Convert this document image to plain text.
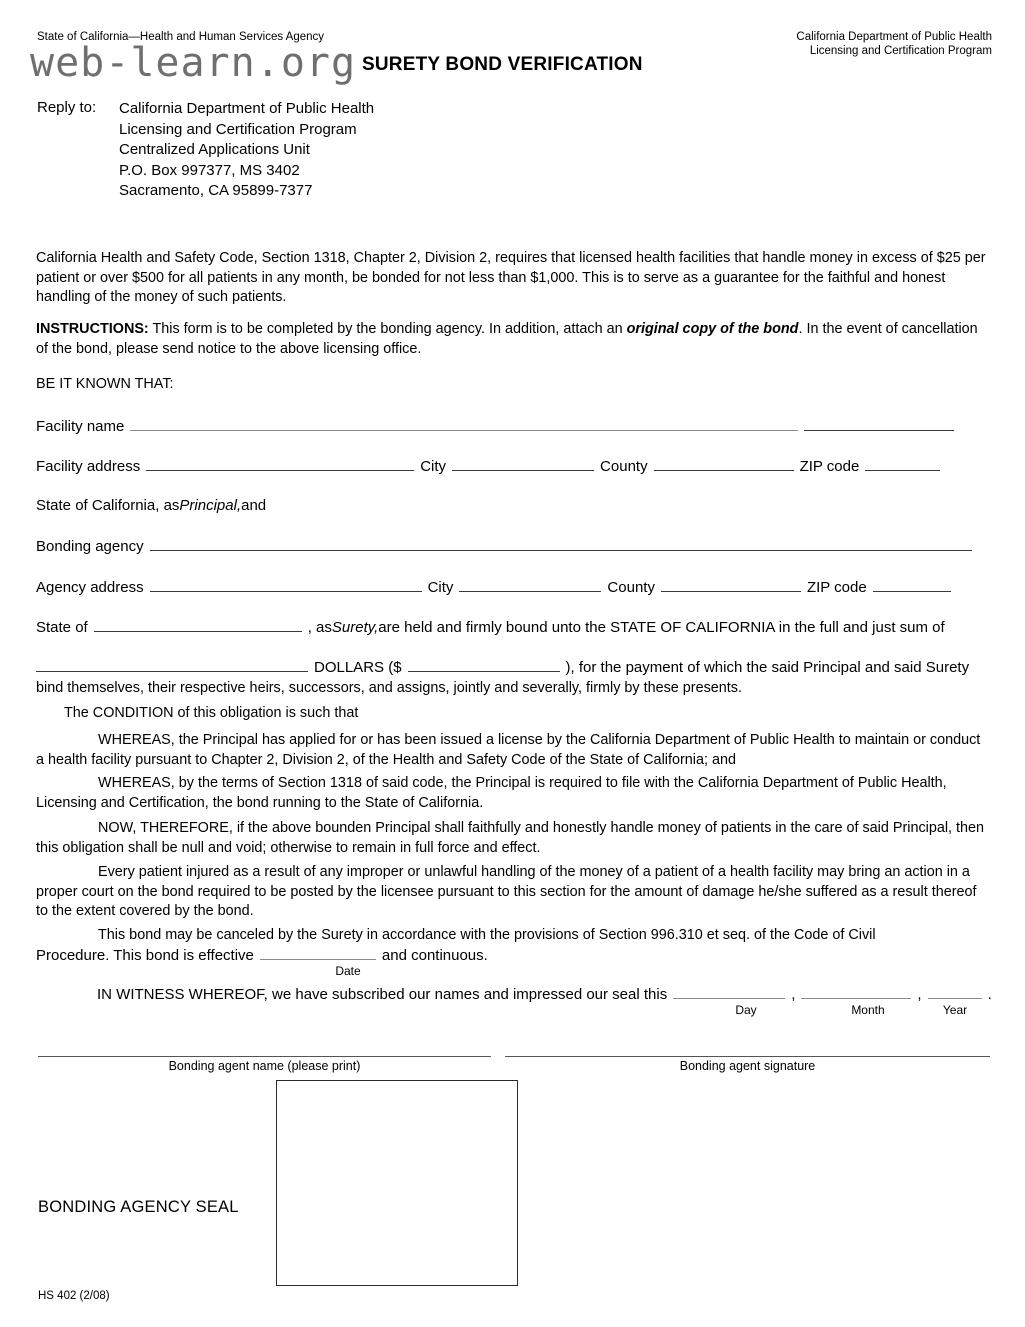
State of California—Health and Human Services Agency	California Department of Public Health
Licensing and Certification Program
web-learn.org SURETY BOND VERIFICATION
Reply to: California Department of Public Health
Licensing and Certification Program
Centralized Applications Unit
P.O. Box 997377, MS 3402
Sacramento, CA 95899-7377
California Health and Safety Code, Section 1318, Chapter 2, Division 2, requires that licensed health facilities that handle money in excess of $25 per patient or over $500 for all patients in any month, be bonded for not less than $1,000. This is to serve as a guarantee for the faithful and honest handling of the money of such patients.
INSTRUCTIONS: This form is to be completed by the bonding agency. In addition, attach an original copy of the bond. In the event of cancellation of the bond, please send notice to the above licensing office.
BE IT KNOWN THAT:
Facility name
Facility address	City	County	ZIP code
State of California, as Principal, and
Bonding agency
Agency address	City	County	ZIP code
State of	, as Surety, are held and firmly bound unto the STATE OF CALIFORNIA in the full and just sum of
DOLLARS ($	), for the payment of which the said Principal and said Surety
bind themselves, their respective heirs, successors, and assigns, jointly and severally, firmly by these presents.
The CONDITION of this obligation is such that
WHEREAS, the Principal has applied for or has been issued a license by the California Department of Public Health to maintain or conduct a health facility pursuant to Chapter 2, Division 2, of the Health and Safety Code of the State of California; and
WHEREAS, by the terms of Section 1318 of said code, the Principal is required to file with the California Department of Public Health, Licensing and Certification, the bond running to the State of California.
NOW, THEREFORE, if the above bounden Principal shall faithfully and honestly handle money of patients in the care of said Principal, then this obligation shall be null and void; otherwise to remain in full force and effect.
Every patient injured as a result of any improper or unlawful handling of the money of a patient of a health facility may bring an action in a proper court on the bond required to be posted by the licensee pursuant to this section for the amount of damage he/she suffered as a result thereof to the extent covered by the bond.
This bond may be canceled by the Surety in accordance with the provisions of Section 996.310 et seq. of the Code of Civil
Procedure. This bond is effective	and continuous.
Date
IN WITNESS WHEREOF, we have subscribed our names and impressed our seal this	,	,	.
Day	Month	Year
Bonding agent name (please print)	Bonding agent signature
BONDING AGENCY SEAL
HS 402 (2/08)
